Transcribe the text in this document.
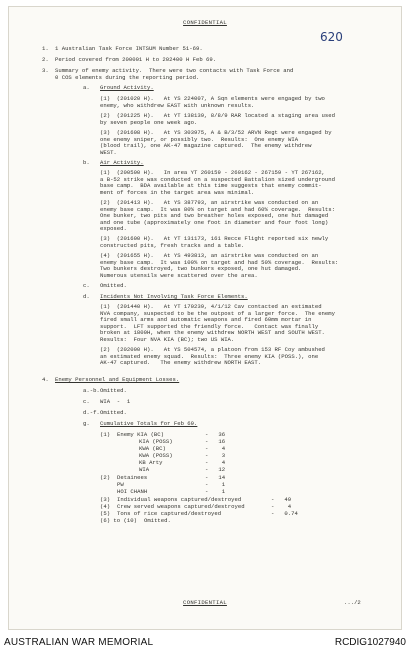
CONFIDENTIAL
620
1. 1 Australian Task Force INTSUM Number 51-69.
2. Period covered from 200001 H to 202400 H Feb 69.
3. Summary of enemy activity.  There were two contacts with Task Force and
0 COS elements during the reporting period.
a. Ground Activity.
(1)  (201020 H).   At YS 224007, A Sqn elements were engaged by two
enemy, who withdrew EAST with unknown results.
(2)  (201225 H).   At YT 138139, 8/8/9 RAR located a staging area used
by seven people one week ago.
(3)  (201608 H).   At YS 303975, A & B/3/52 ARVN Regt were engaged by
one enemy sniper, or possibly two.  Results:  One enemy WIA
(blood trail), one AK-47 magazine captured.  The enemy withdrew
WEST.
b. Air Activity.
(1)  (200500 H).   In area YT 260159 - 260162 - 267159 - YT 267162,
a B-52 strike was conducted on a suspected Battalion sized underground
base camp.  BDA available at this time suggests that enemy commit-
ment of forces in the target area was minimal.
(2)  (201413 H).   At YS 387793, an airstrike was conducted on an
enemy base camp.  It was 80% on target and had 60% coverage.  Results:
One bunker, two pits and two breather holes exposed, one hut damaged
and one tube (approximately one foot in diameter and four foot long)
exposed.
(3)  (201600 H).   At YT 131173, 161 Recce Flight reported six newly
constructed pits, fresh tracks and a table.
(4)  (201655 H).   At YS 493813, an airstrike was conducted on an
enemy base camp.  It was 100% on target and had 50% coverage.  Results:
Two bunkers destroyed, two bunkers exposed, one hut damaged.
Numerous utensils were scattered over the area.
c. Omitted.
d. Incidents Not Involving Task Force Elements.
(1)  (201440 H).   At YT 170239, 4/1/12 Cav contacted an estimated
NVA company, suspected to be the outpost of a larger force.  The enemy
fired small arms and automatic weapons and fired 60mm mortar in
support.  LFT supported the friendly force.   Contact was finally
broken at 1800H, when the enemy withdrew NORTH WEST and SOUTH WEST.
Results:  Four NVA KIA (BC); two US WIA.
(2)  (202000 H).   At YS 504574, a platoon from 153 RF Coy ambushed
an estimated enemy squad.  Results:  Three enemy KIA (POSS.), one
AK-47 captured.   The enemy withdrew NORTH EAST.
4. Enemy Personnel and Equipment Losses.
a.-b. Omitted.
c. WIA  -  1
d.-f. Omitted.
g. Cumulative Totals for Feb 69.
(1) Enemy KIA (BC)	-   36
KIA (POSS)	-   16
KWA (BC)	-    4
KWA (POSS)	-    3
KB Arty	-    4
WIA	-   12
(2) Detainees	-   14
PW	-    1
HOI CHANH	-    1
(3) Individual weapons captured/destroyed	-   49
(4) Crew served weapons captured/destroyed	-    4
(5) Tons of rice captured/destroyed	-   0.74
(6) to (10) Omitted.
CONFIDENTIAL	.../2
AUSTRALIAN WAR MEMORIAL	RCDIG1027940
